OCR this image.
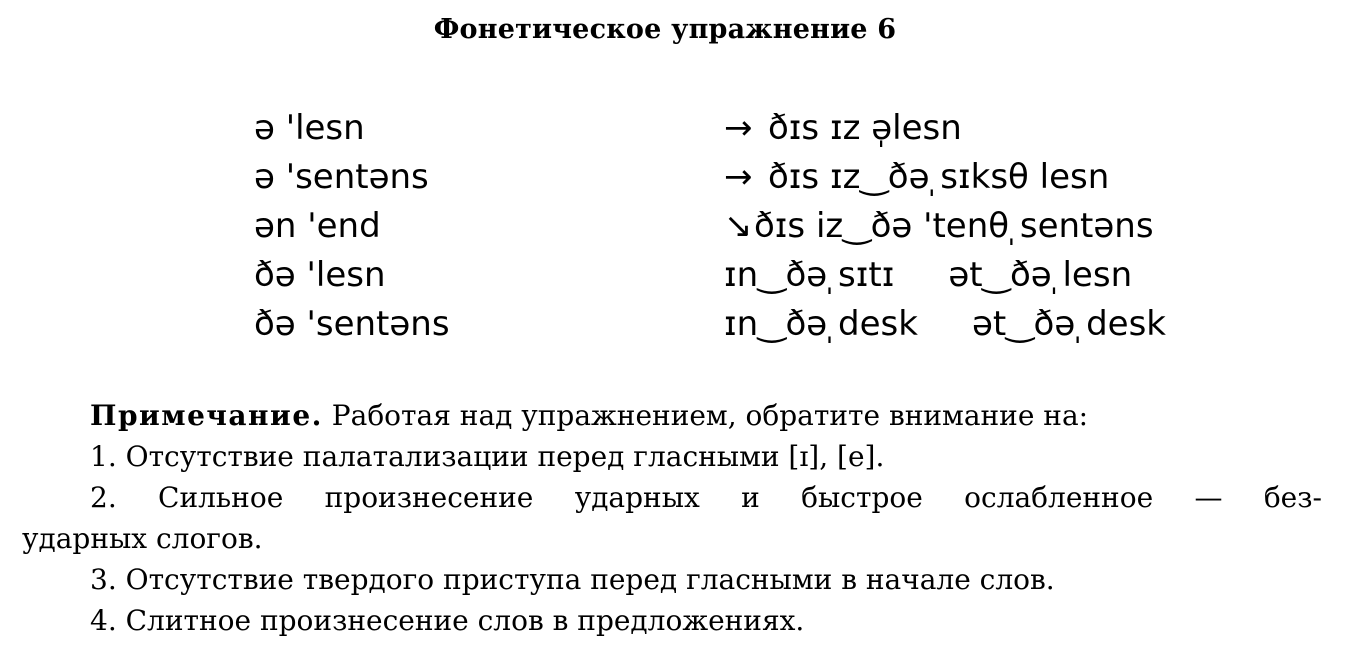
Фонетическое упражнение 6
ə 'lesn
ə 'sentəns
ən 'end
ðə 'lesn
ðə 'sentəns
→ ðɪs ɪz ə̩lesn
→ ðɪs ɪz‿ðə ̩sɪksθ lesn
↘ðɪs iz‿ðə 'tenθ ̩sentəns
ɪn‿ðə ̩sɪtɪ     ət‿ðə ̩lesn
ɪn‿ðə ̩desk     ət‿ðə ̩desk

Примечание. Работая над упражнением, обратите внимание на:

1. Отсутствие палатализации перед гласными [ɪ], [е].

2. Сильное произнесение ударных и быстрое ослабленное — без-

ударных слогов.

3. Отсутствие твердого приступа перед гласными в начале слов.

4. Слитное произнесение слов в предложениях.
